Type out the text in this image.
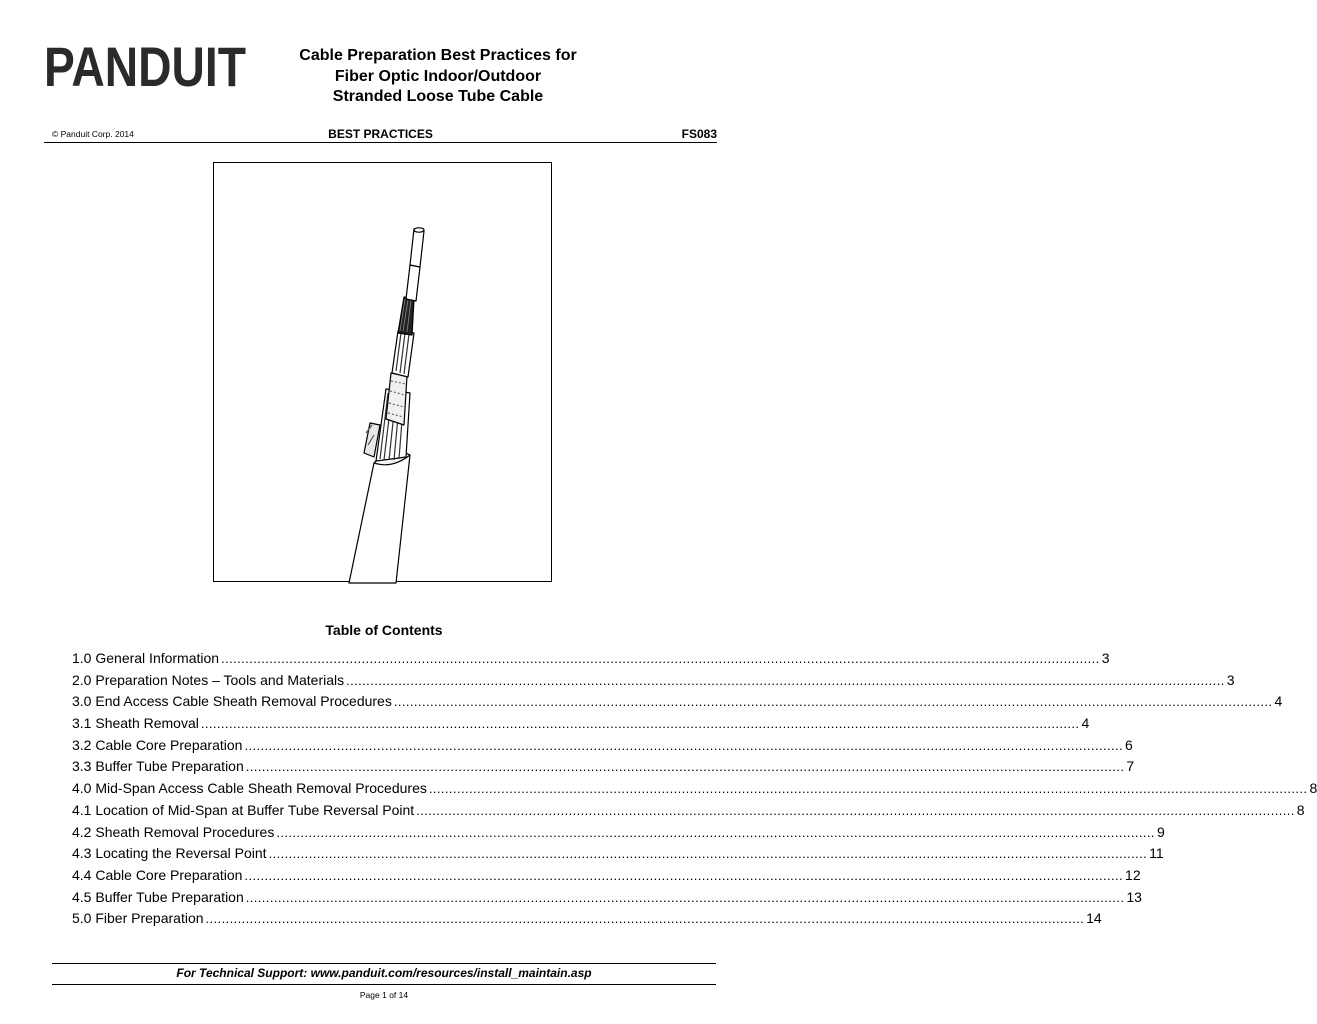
PANDUIT	Cable Preparation Best Practices for
Fiber Optic Indoor/Outdoor
Stranded Loose Tube Cable
© Panduit Corp. 2014	BEST PRACTICES	FS083
Table of Contents
1.0 General Information .....	3
2.0 Preparation Notes – Tools and Materials .....	3
3.0 End Access Cable Sheath Removal Procedures .....	4
3.1 Sheath Removal .....	4
3.2 Cable Core Preparation .....	6
3.3 Buffer Tube Preparation .....	7
4.0 Mid-Span Access Cable Sheath Removal Procedures .....	8
4.1 Location of Mid-Span at Buffer Tube Reversal Point .....	8
4.2 Sheath Removal Procedures .....	9
4.3 Locating the Reversal Point .....	11
4.4 Cable Core Preparation .....	12
4.5 Buffer Tube Preparation .....	13
5.0 Fiber Preparation .....	14
For Technical Support: www.panduit.com/resources/install_maintain.asp
Page 1 of 14
